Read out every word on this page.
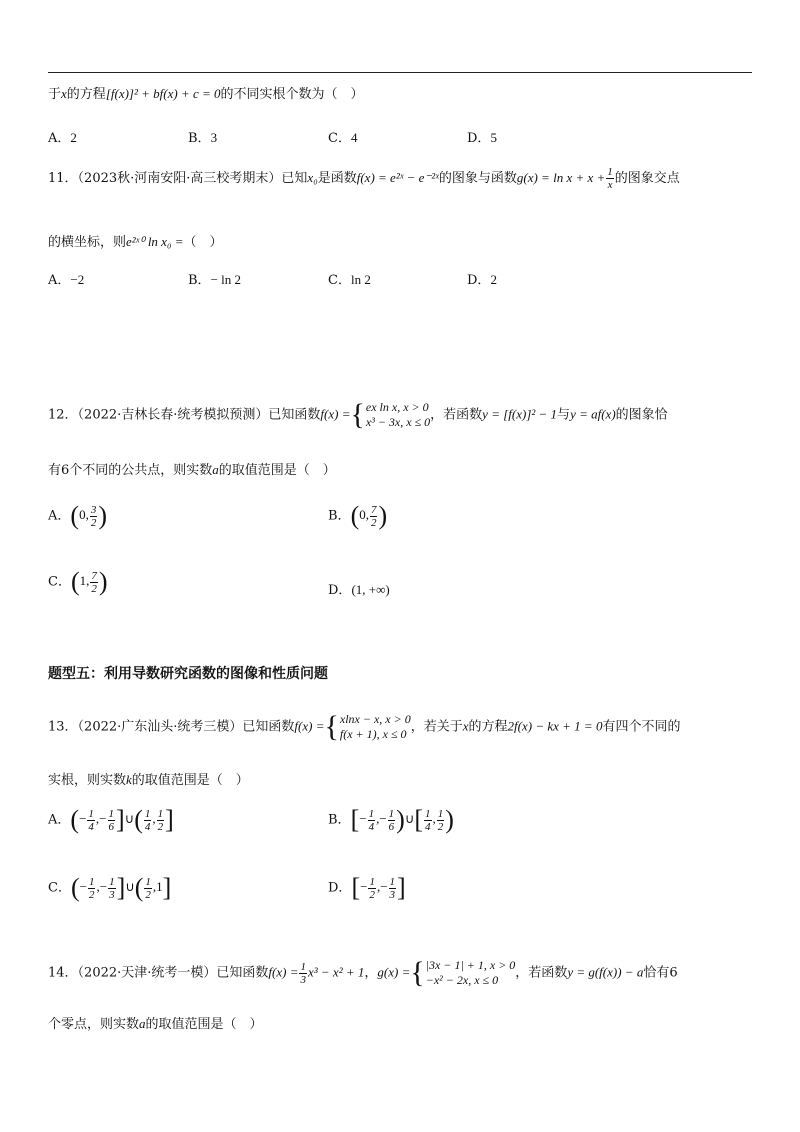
于x的方程[f(x)]² + bf(x) + c = 0的不同实根个数为（　）
A．2	B．3	C．4	D．5
11．（2023秋·河南安阳·高三校考期末）已知x₀是函数f(x) = e²ˣ − e⁻²ˣ的图象与函数$g(x) = \ln x + x + \frac{1}{x}$ 的图象交点
的横坐标，则e²ˣ⁰ ln x₀ =（　）
A．−2	B．− ln 2	C．ln 2	D．2
12．（2022·吉林长春·统考模拟预测）已知函数f(x) = { ex ln x, x > 0
x³ − 3x, x ≤ 0 ，若函数y = [f(x)]² − 1与y = af(x)的图象恰
有6个不同的公共点，则实数a的取值范围是（　）
A．(0, $\frac{3}{2}$ )	B．(0, $\frac{7}{2}$ )
C．(1, $\frac{7}{2}$ )	D．(1, +∞)
题型五：利用导数研究函数的图像和性质问题
13．（2022·广东汕头·统考三模）已知函数f(x) = { xlnx − x, x > 0
f(x + 1), x ≤ 0 ，若关于x的方程2f(x) − kx + 1 = 0有四个不同的
实根，则实数k的取值范围是（　）
A．(− $\frac{1}{4}$ ,− $\frac{1}{6}$ ]∪( $\frac{1}{4}$ , $\frac{1}{2}$ ]	B．[− $\frac{1}{4}$ ,− $\frac{1}{6}$ )∪[ $\frac{1}{4}$ , $\frac{1}{2}$ )
C．(− $\frac{1}{2}$ ,− $\frac{1}{3}$ ]∪( $\frac{1}{2} ,1$]	D．[− $\frac{1}{2}$ ,− $\frac{1}{3}$ ]
14．（2022·天津·统考一模）已知函数$f(x) = \frac{1}{3} x^3 - x^2 + 1$，g(x) = { |3x − 1| + 1, x > 0
−x² − 2x, x ≤ 0	，若函数y = g(f(x)) − a恰有6
个零点，则实数a的取值范围是（　）
